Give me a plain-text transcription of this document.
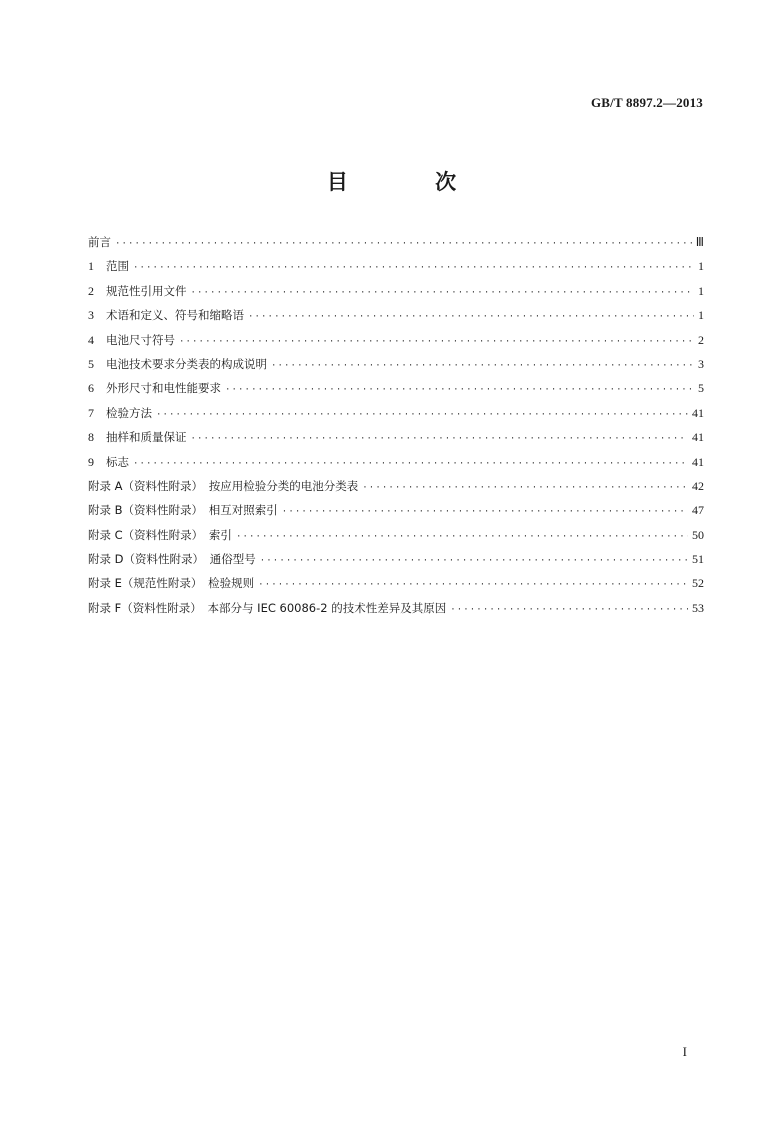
GB/T 8897.2—2013
目 次
前言 ·····	Ⅲ
1	范围 ·····	1
2	规范性引用文件 ·····	1
3	术语和定义、符号和缩略语 ·····	1
4	电池尺寸符号 ·····	2
5	电池技术要求分类表的构成说明 ·····	3
6	外形尺寸和电性能要求 ·····	5
7	检验方法 ·····	41
8	抽样和质量保证 ·····	41
9	标志 ·····	41
附录 A（资料性附录）　按应用检验分类的电池分类表 ·····	42
附录 B（资料性附录）　相互对照索引 ·····	47
附录 C（资料性附录）　索引 ·····	50
附录 D（资料性附录）　通俗型号 ·····	51
附录 E（规范性附录）　检验规则 ·····	52
附录 F（资料性附录）　本部分与 IEC 60086-2 的技术性差异及其原因 ·····	53
I
